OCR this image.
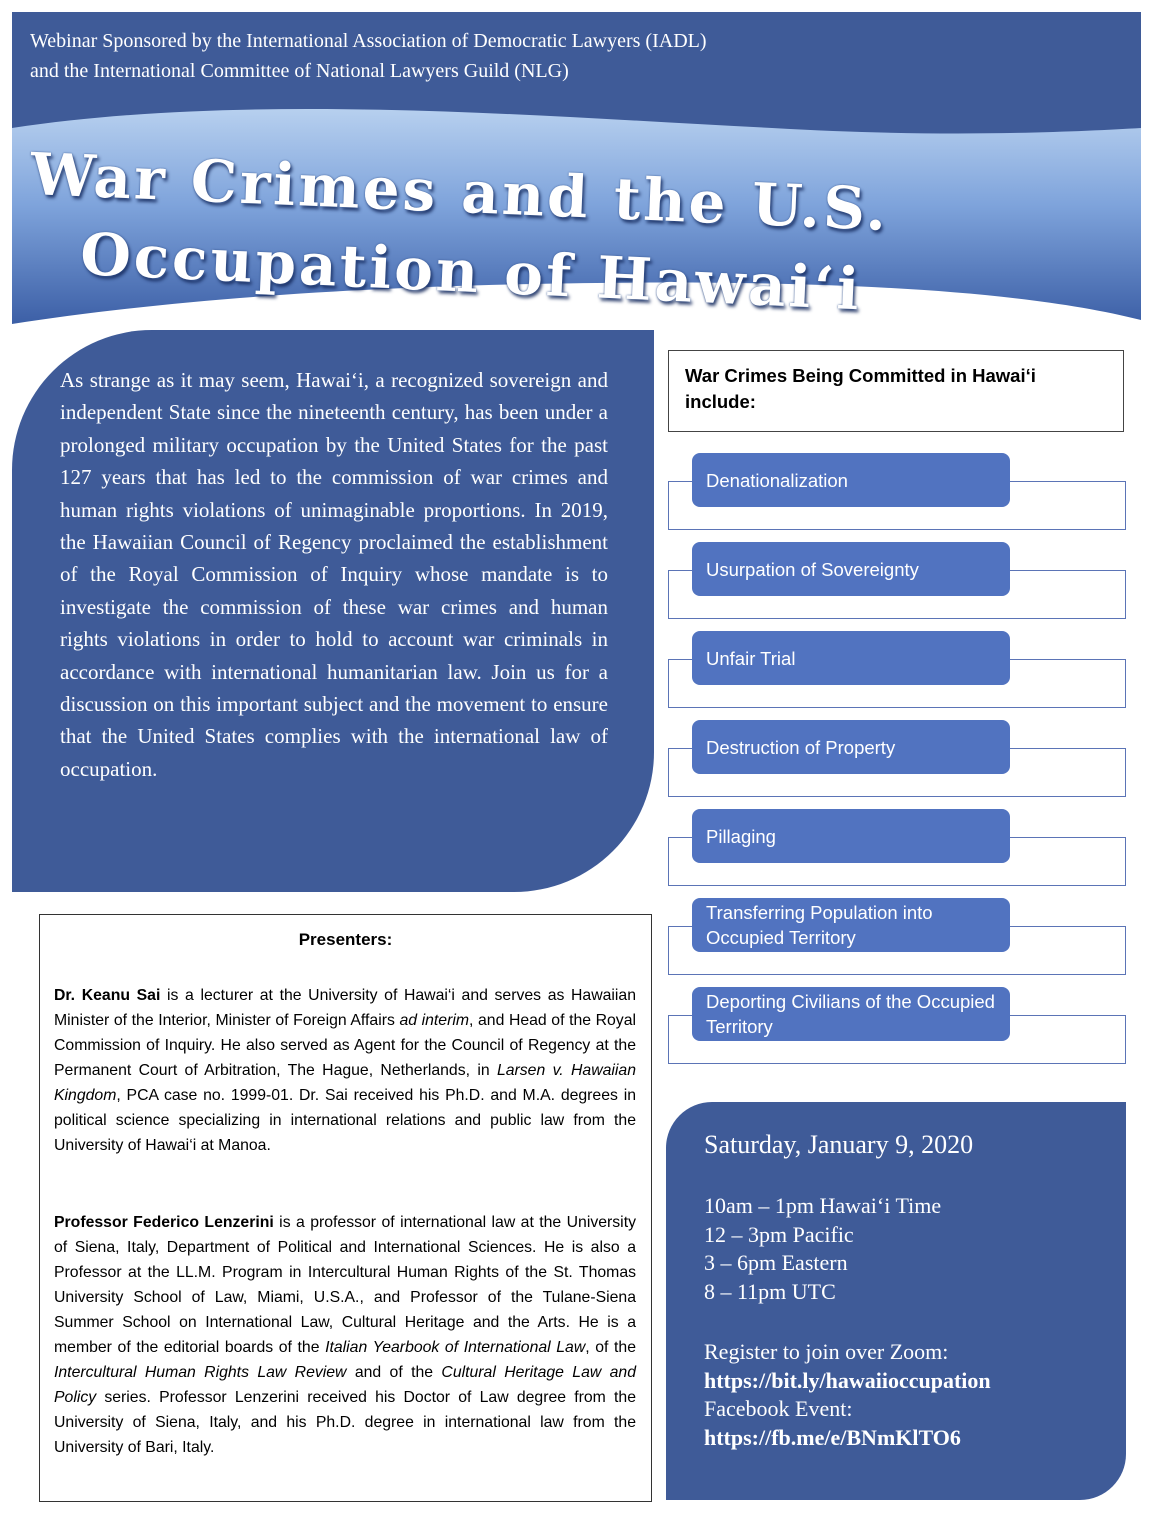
Webinar Sponsored by the International Association of Democratic Lawyers (IADL)
and the International Committee of National Lawyers Guild (NLG)
War Crimes and the U.S.
Occupation of Hawai‘i

As strange as it may seem, Hawai‘i, a recognized sovereign and independent State since the nineteenth century, has been under a prolonged military occupation by the United States for the past 127 years that has led to the commission of war crimes and human rights violations of unimaginable proportions. In 2019, the Hawaiian Council of Regency proclaimed the establishment of the Royal Commission of Inquiry whose mandate is to investigate the commission of these war crimes and human rights violations in order to hold to account war criminals in accordance with international humanitarian law. Join us for a discussion on this important subject and the movement to ensure that the United States complies with the international law of occupation.

War Crimes Being Committed in Hawai‘i include:
Denationalization
Usurpation of Sovereignty
Unfair Trial
Destruction of Property
Pillaging
Transferring Population into Occupied Territory
Deporting Civilians of the Occupied Territory
Presenters:

Dr. Keanu Sai is a lecturer at the University of Hawai‘i and serves as Hawaiian Minister of the Interior, Minister of Foreign Affairs ad interim, and Head of the Royal Commission of Inquiry. He also served as Agent for the Council of Regency at the Permanent Court of Arbitration, The Hague, Netherlands, in Larsen v. Hawaiian Kingdom, PCA case no. 1999-01. Dr. Sai received his Ph.D. and M.A. degrees in political science specializing in international relations and public law from the University of Hawai‘i at Manoa.

Professor Federico Lenzerini is a professor of international law at the University of Siena, Italy, Department of Political and International Sciences. He is also a Professor at the LL.M. Program in Intercultural Human Rights of the St. Thomas University School of Law, Miami, U.S.A., and Professor of the Tulane-Siena Summer School on International Law, Cultural Heritage and the Arts. He is a member of the editorial boards of the Italian Yearbook of International Law, of the Intercultural Human Rights Law Review and of the Cultural Heritage Law and Policy series. Professor Lenzerini received his Doctor of Law degree from the University of Siena, Italy, and his Ph.D. degree in international law from the University of Bari, Italy.

Saturday, January 9, 2020
10am – 1pm Hawai‘i Time
12 – 3pm Pacific
3 – 6pm Eastern
8 – 11pm UTC
Register to join over Zoom:
https://bit.ly/hawaiioccupation
Facebook Event:
https://fb.me/e/BNmKlTO6
